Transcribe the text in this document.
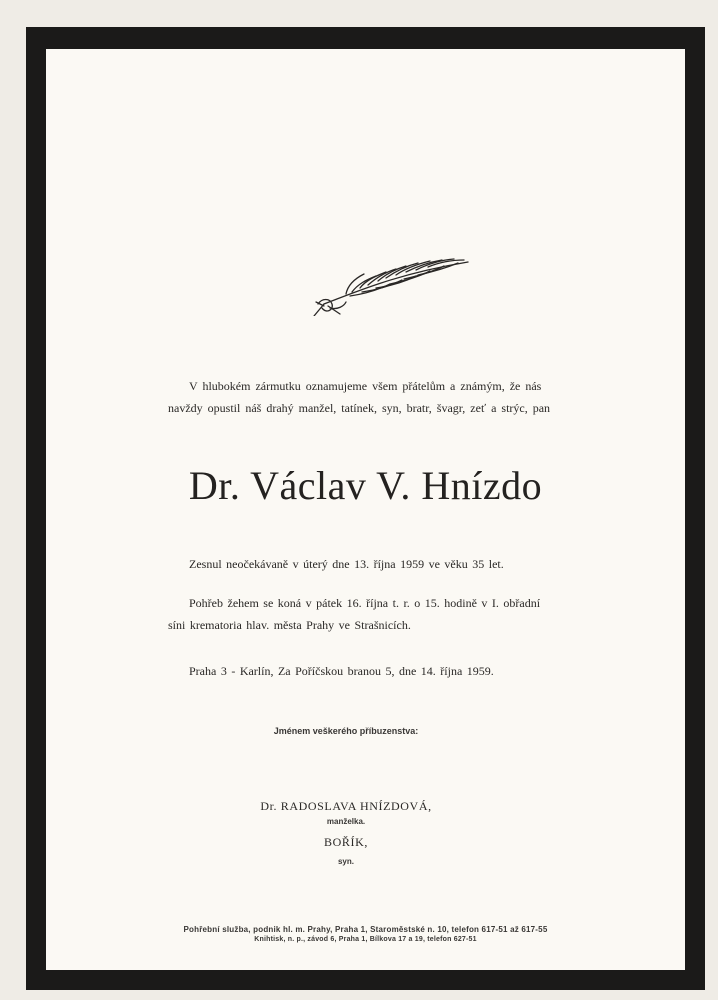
V hlubokém zármutku oznamujeme všem přátelům a známým, že nás

navždy opustil náš drahý manžel, tatínek, syn, bratr, švagr, zeť a strýc, pan

Dr. Václav V. Hnízdo
Zesnul neočekávaně v úterý dne 13. října 1959 ve věku 35 let.
Pohřeb žehem se koná v pátek 16. října t. r. o 15. hodině v I. obřadní
síni krematoria hlav. města Prahy ve Strašnicích.
Praha 3 - Karlín, Za Poříčskou branou 5, dne 14. října 1959.
Jménem veškerého příbuzenstva:
Dr. RADOSLAVA HNÍZDOVÁ,
manželka.
BOŘÍK,
syn.
Pohřební služba, podnik hl. m. Prahy, Praha 1, Staroměstské n. 10, telefon 617-51 až 617-55
Knihtisk, n. p., závod 6, Praha 1, Bílkova 17 a 19, telefon 627-51
